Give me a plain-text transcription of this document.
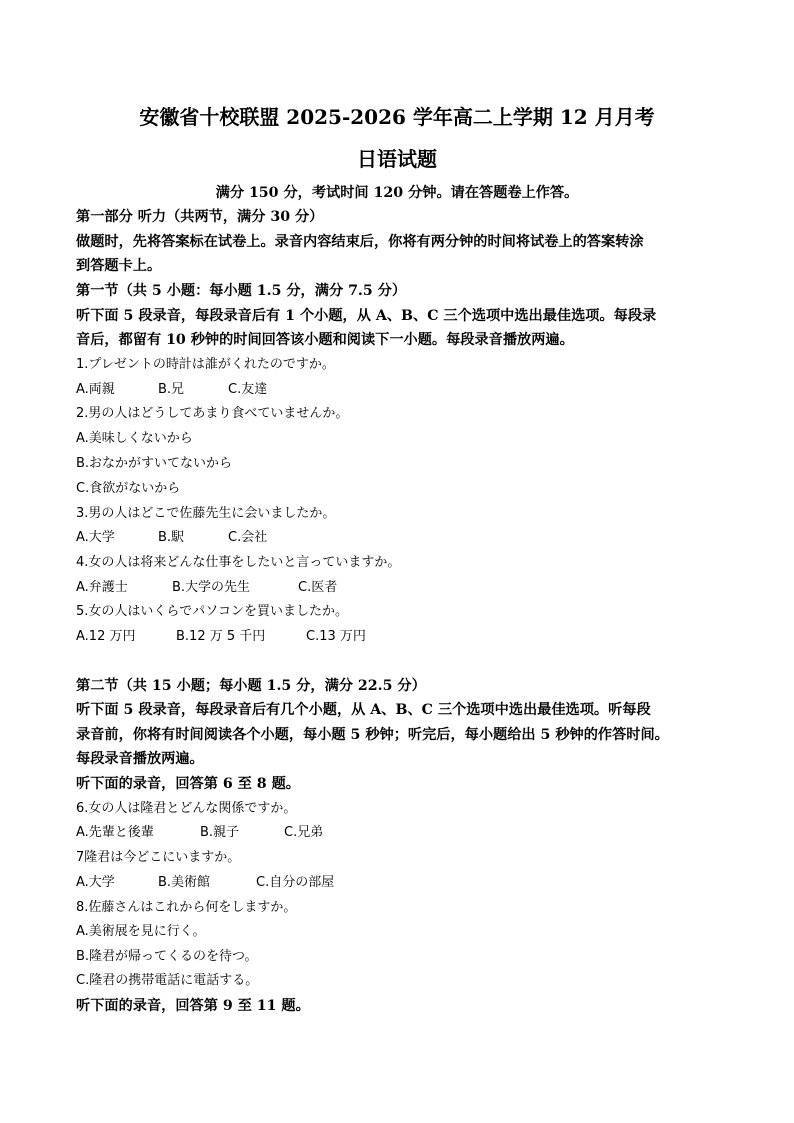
安徽省十校联盟 2025-2026 学年高二上学期 12 月月考
日语试题
满分 150 分，考试时间 120 分钟。请在答题卷上作答。
第一部分 听力（共两节，满分 30 分）
做题时，先将答案标在试卷上。录音内容结束后，你将有两分钟的时间将试卷上的答案转涂
到答题卡上。
第一节（共 5 小题：每小题 1.5 分，满分 7.5 分）
听下面 5 段录音，每段录音后有 1 个小题，从 A、B、C 三个选项中选出最佳选项。每段录
音后，都留有 10 秒钟的时间回答该小题和阅读下一小题。每段录音播放两遍。
1.プレゼントの時計は誰がくれたのですか。
A.両親	B.兄	C.友達
2.男の人はどうしてあまり食べていませんか。
A.美味しくないから
B.おなかがすいてないから
C.食欲がないから
3.男の人はどこで佐藤先生に会いましたか。
A.大学	B.駅	C.会社
4.女の人は将来どんな仕事をしたいと言っていますか。
A.弁護士	B.大学の先生	C.医者
5.女の人はいくらでパソコンを買いましたか。
A.12 万円	B.12 万 5 千円	C.13 万円
第二节（共 15 小题；每小题 1.5 分，满分 22.5 分）
听下面 5 段录音，每段录音后有几个小题，从 A、B、C 三个选项中选出最佳选项。听每段
录音前，你将有时间阅读各个小题，每小题 5 秒钟；听完后，每小题给出 5 秒钟的作答时间。
每段录音播放两遍。
听下面的录音，回答第 6 至 8 题。
6.女の人は隆君とどんな関係ですか。
A.先輩と後輩	B.親子	C.兄弟
7隆君は今どこにいますか。
A.大学	B.美術館	C.自分の部屋
8.佐藤さんはこれから何をしますか。
A.美術展を見に行く。
B.隆君が帰ってくるのを待つ。
C.隆君の携帯電話に電話する。
听下面的录音，回答第 9 至 11 题。
